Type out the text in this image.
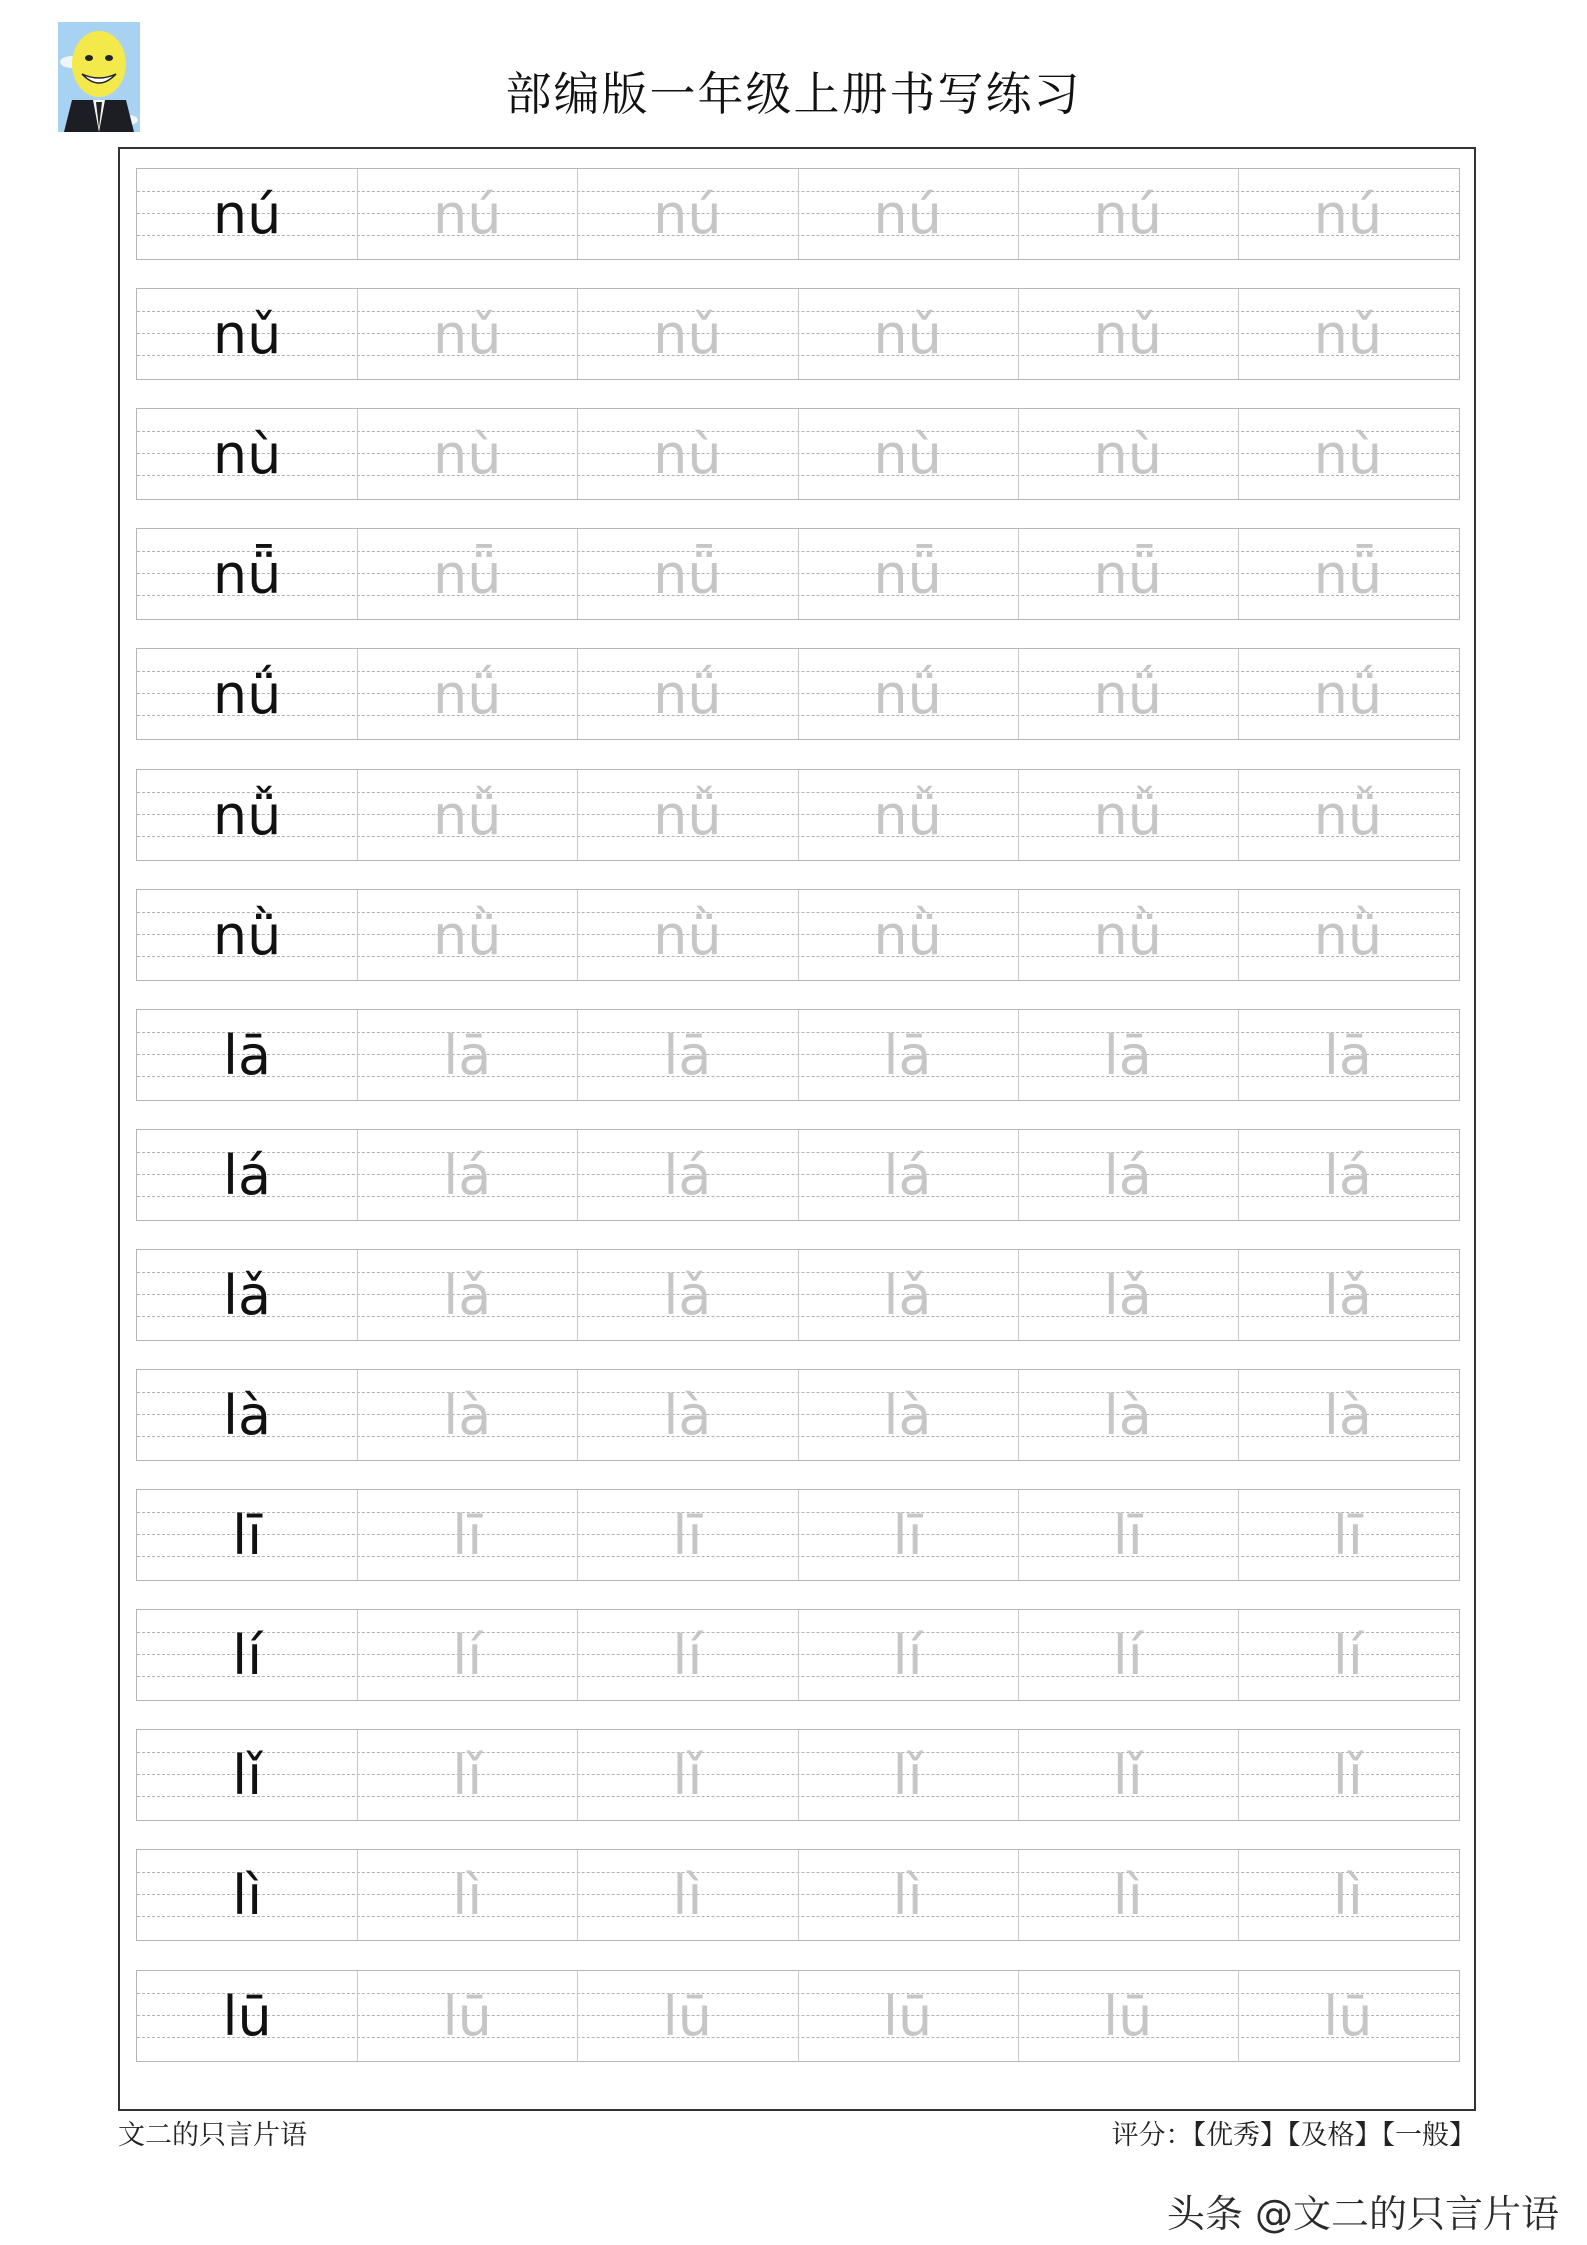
部编版一年级上册书写练习
nú	nú	nú	nú	nú	nú
nǔ	nǔ	nǔ	nǔ	nǔ	nǔ
nù	nù	nù	nù	nù	nù
nǖ	nǖ	nǖ	nǖ	nǖ	nǖ
nǘ	nǘ	nǘ	nǘ	nǘ	nǘ
nǚ	nǚ	nǚ	nǚ	nǚ	nǚ
nǜ	nǜ	nǜ	nǜ	nǜ	nǜ
lā	lā	lā	lā	lā	lā
lá	lá	lá	lá	lá	lá
lǎ	lǎ	lǎ	lǎ	lǎ	lǎ
là	là	là	là	là	là
lī	lī	lī	lī	lī	lī
lí	lí	lí	lí	lí	lí
lǐ	lǐ	lǐ	lǐ	lǐ	lǐ
lì	lì	lì	lì	lì	lì
lū	lū	lū	lū	lū	lū
文二的只言片语	评分：【优秀】【及格】【一般】
头条 @文二的只言片语
